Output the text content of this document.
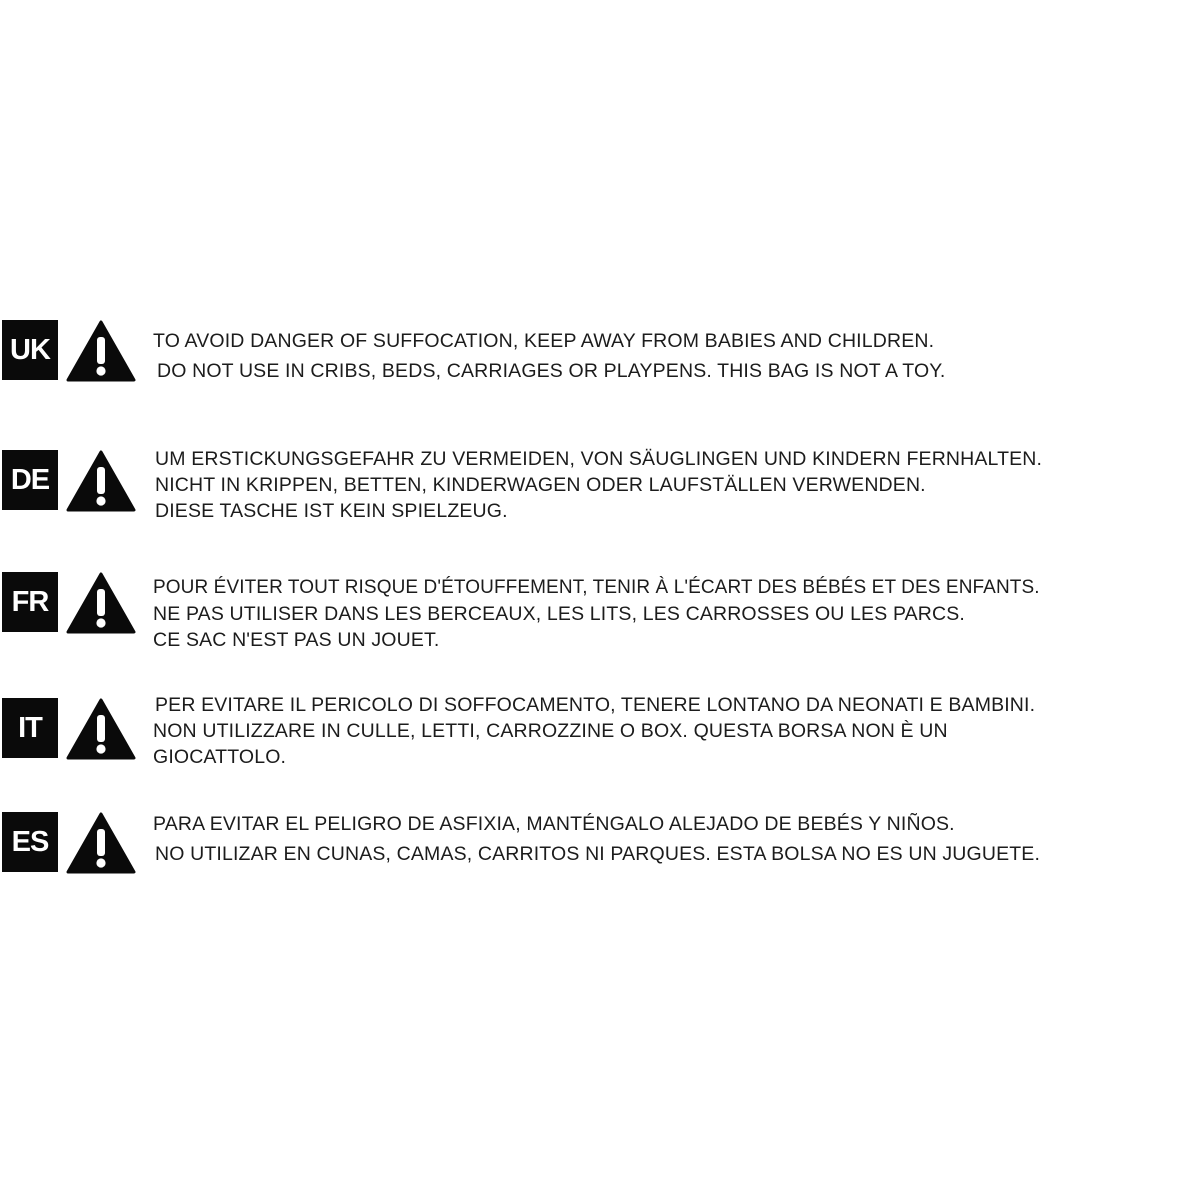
UK	TO AVOID DANGER OF SUFFOCATION, KEEP AWAY FROM BABIES AND CHILDREN.
DO NOT USE IN CRIBS, BEDS, CARRIAGES OR PLAYPENS. THIS BAG IS NOT A TOY.
DE
UM ERSTICKUNGSGEFAHR ZU VERMEIDEN, VON SÄUGLINGEN UND KINDERN FERNHALTEN.
NICHT IN KRIPPEN, BETTEN, KINDERWAGEN ODER LAUFSTÄLLEN VERWENDEN.
DIESE TASCHE IST KEIN SPIELZEUG.
FR	POUR ÉVITER TOUT RISQUE D'ÉTOUFFEMENT, TENIR À L'ÉCART DES BÉBÉS ET DES ENFANTS.
NE PAS UTILISER DANS LES BERCEAUX, LES LITS, LES CARROSSES OU LES PARCS.
CE SAC N'EST PAS UN JOUET.
IT
PER EVITARE IL PERICOLO DI SOFFOCAMENTO, TENERE LONTANO DA NEONATI E BAMBINI.
NON UTILIZZARE IN CULLE, LETTI, CARROZZINE O BOX. QUESTA BORSA NON È UN
GIOCATTOLO.
ES
PARA EVITAR EL PELIGRO DE ASFIXIA, MANTÉNGALO ALEJADO DE BEBÉS Y NIÑOS.
NO UTILIZAR EN CUNAS, CAMAS, CARRITOS NI PARQUES. ESTA BOLSA NO ES UN JUGUETE.
